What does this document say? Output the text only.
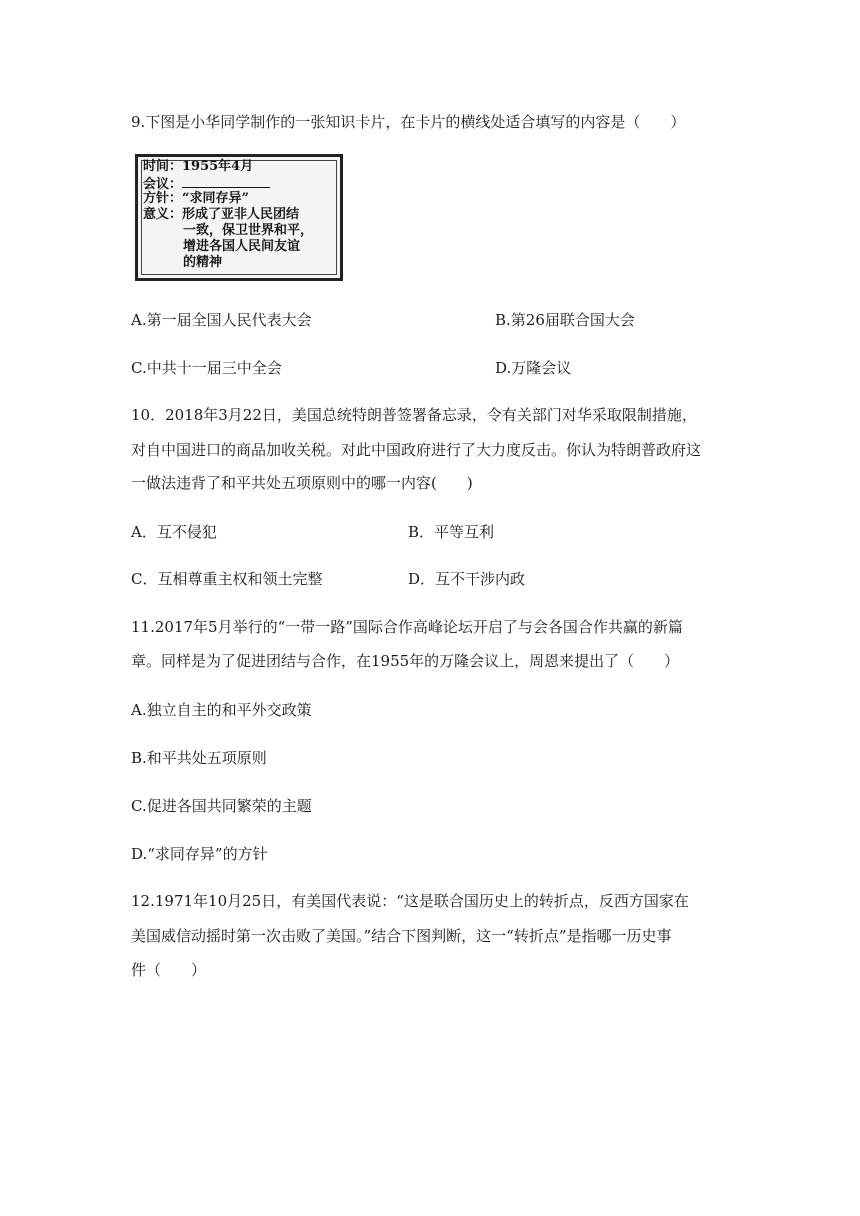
9.下图是小华同学制作的一张知识卡片，在卡片的横线处适合填写的内容是（　　）
时间：1955年4月
会议：
方针：“求同存异”
意义：形成了亚非人民团结
一致，保卫世界和平，
增进各国人民间友谊
的精神
A.第一届全国人民代表大会	B.第26届联合国大会
C.中共十一届三中全会	D.万隆会议
10．2018年3月22日，美国总统特朗普签署备忘录，令有关部门对华采取限制措施，
对自中国进口的商品加收关税。对此中国政府进行了大力度反击。你认为特朗普政府这
一做法违背了和平共处五项原则中的哪一内容(　　)
A．互不侵犯	B．平等互利
C．互相尊重主权和领土完整	D．互不干涉内政
11.2017年5月举行的“一带一路”国际合作高峰论坛开启了与会各国合作共赢的新篇
章。同样是为了促进团结与合作，在1955年的万隆会议上，周恩来提出了（　　）
A.独立自主的和平外交政策
B.和平共处五项原则
C.促进各国共同繁荣的主题
D.“求同存异”的方针
12.1971年10月25日，有美国代表说：“这是联合国历史上的转折点，反西方国家在
美国威信动摇时第一次击败了美国。”结合下图判断，这一“转折点”是指哪一历史事
件（　　）
